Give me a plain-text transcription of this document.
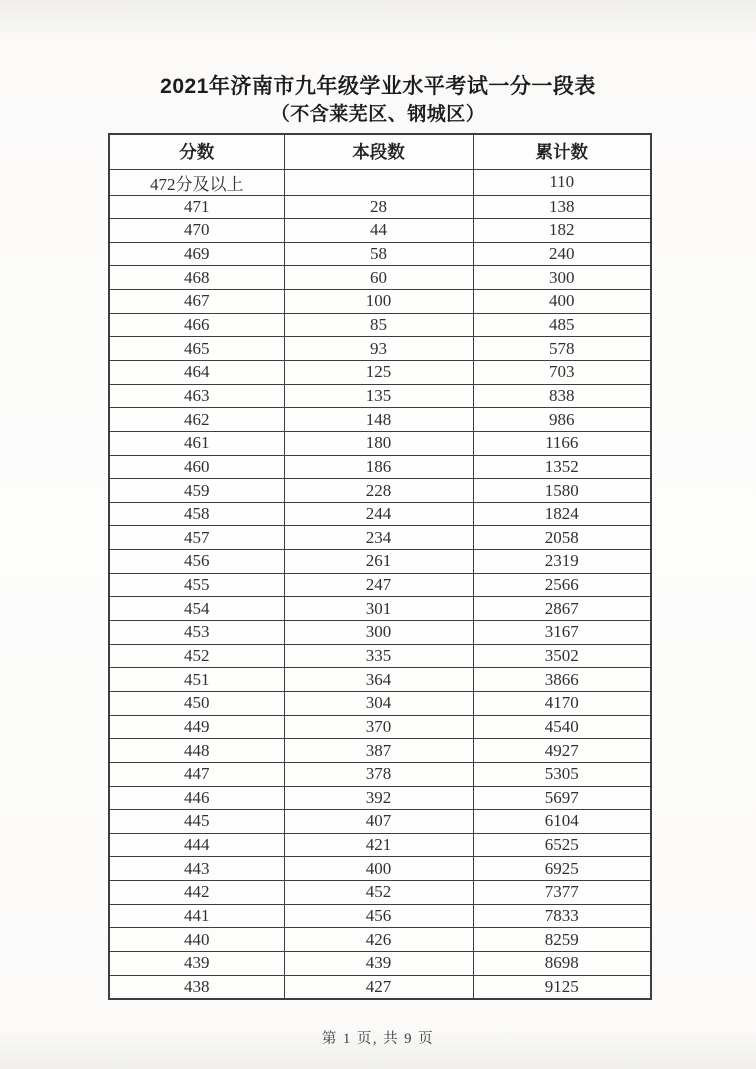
2021年济南市九年级学业水平考试一分一段表
（不含莱芜区、钢城区）
分数	本段数	累计数
472分及以上		110
471	28	138
470	44	182
469	58	240
468	60	300
467	100	400
466	85	485
465	93	578
464	125	703
463	135	838
462	148	986
461	180	1166
460	186	1352
459	228	1580
458	244	1824
457	234	2058
456	261	2319
455	247	2566
454	301	2867
453	300	3167
452	335	3502
451	364	3866
450	304	4170
449	370	4540
448	387	4927
447	378	5305
446	392	5697
445	407	6104
444	421	6525
443	400	6925
442	452	7377
441	456	7833
440	426	8259
439	439	8698
438	427	9125
第 1 页, 共 9 页
